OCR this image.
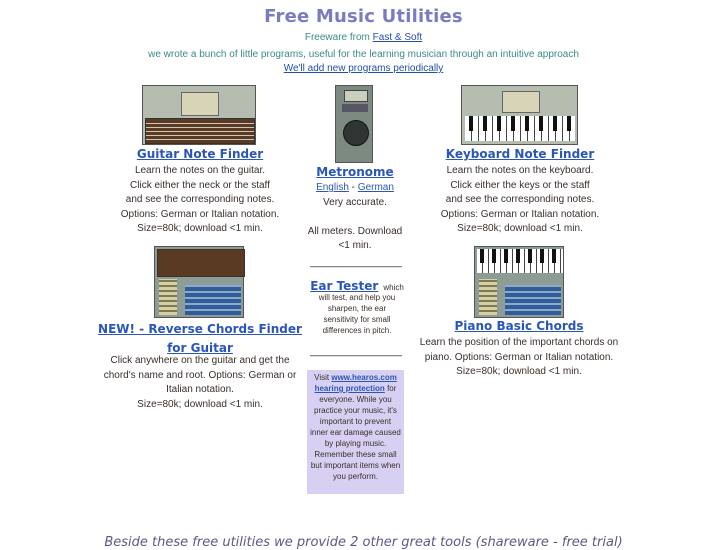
Free Music Utilities
Freeware from Fast & Soft
we wrote a bunch of little programs, useful for the learning musician through an intuitive approach
We'll add new programs periodically
Guitar Note Finder
Learn the notes on the guitar.
Click either the neck or the staff
and see the corresponding notes.
Options: German or Italian notation.
Size=80k; download <1 min.
Metronome
English - German
Very accurate.
All meters. Download
<1 min.
Keyboard Note Finder
Learn the notes on the keyboard.
Click either the keys or the staff
and see the corresponding notes.
Options: German or Italian notation.
Size=80k; download <1 min.
Ear Tester which
will test, and help you
sharpen, the ear
sensitivity for small
differences in pitch.
Visit www.hearos.com
hearing protection for
everyone. While you
practice your music, it's
important to prevent
inner ear damage caused
by playing music.
Remember these small
but important items when
you perform.
NEW! - Reverse Chords Finder
for Guitar
Click anywhere on the guitar and get the
chord's name and root. Options: German or
Italian notation.
Size=80k; download <1 min.
Piano Basic Chords
Learn the position of the important chords on
piano. Options: German or Italian notation.
Size=80k; download <1 min.
Beside these free utilities we provide 2 other great tools (shareware - free trial)
